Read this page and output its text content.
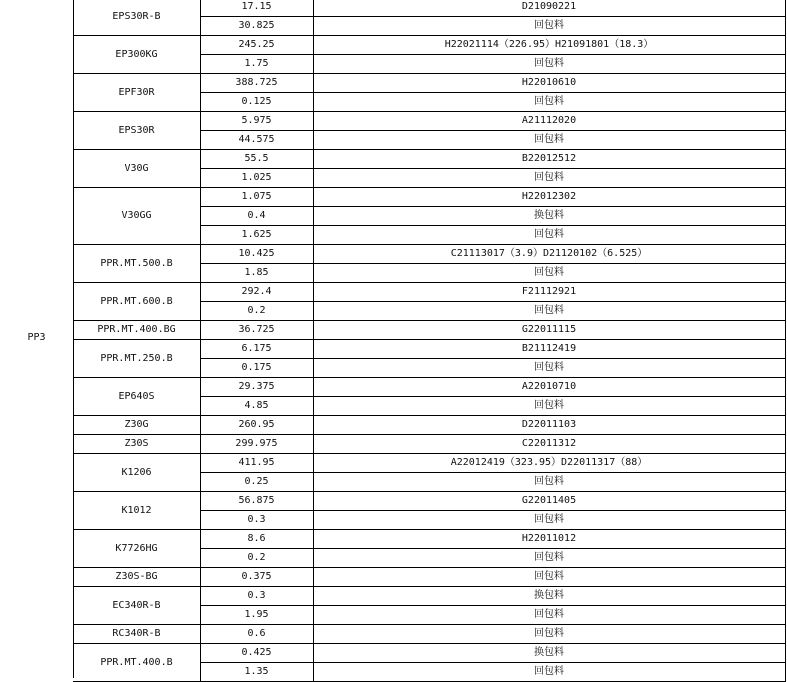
PP3
EPS30R-B
17.15	D21090221
30.825	回包料
EP300KG
245.25	H22021114（226.95）H21091801（18.3）
1.75	回包料
EPF30R
388.725	H22010610
0.125	回包料
EPS30R
5.975	A21112020
44.575	回包料
V30G
55.5	B22012512
1.025	回包料
V30GG
1.075	H22012302
0.4	换包料
1.625	回包料
PPR.MT.500.B
10.425	C21113017（3.9）D21120102（6.525）
1.85	回包料
PPR.MT.600.B
292.4	F21112921
0.2	回包料
PPR.MT.400.BG	36.725	G22011115
PPR.MT.250.B
6.175	B21112419
0.175	回包料
EP640S
29.375	A22010710
4.85	回包料
Z30G	260.95	D22011103
Z30S	299.975	C22011312
K1206
411.95	A22012419（323.95）D22011317（88）
0.25	回包料
K1012
56.875	G22011405
0.3	回包料
K7726HG
8.6	H22011012
0.2	回包料
Z30S-BG	0.375	回包料
EC340R-B
0.3	换包料
1.95	回包料
RC340R-B	0.6	回包料
PPR.MT.400.B
0.425	换包料
1.35	回包料
